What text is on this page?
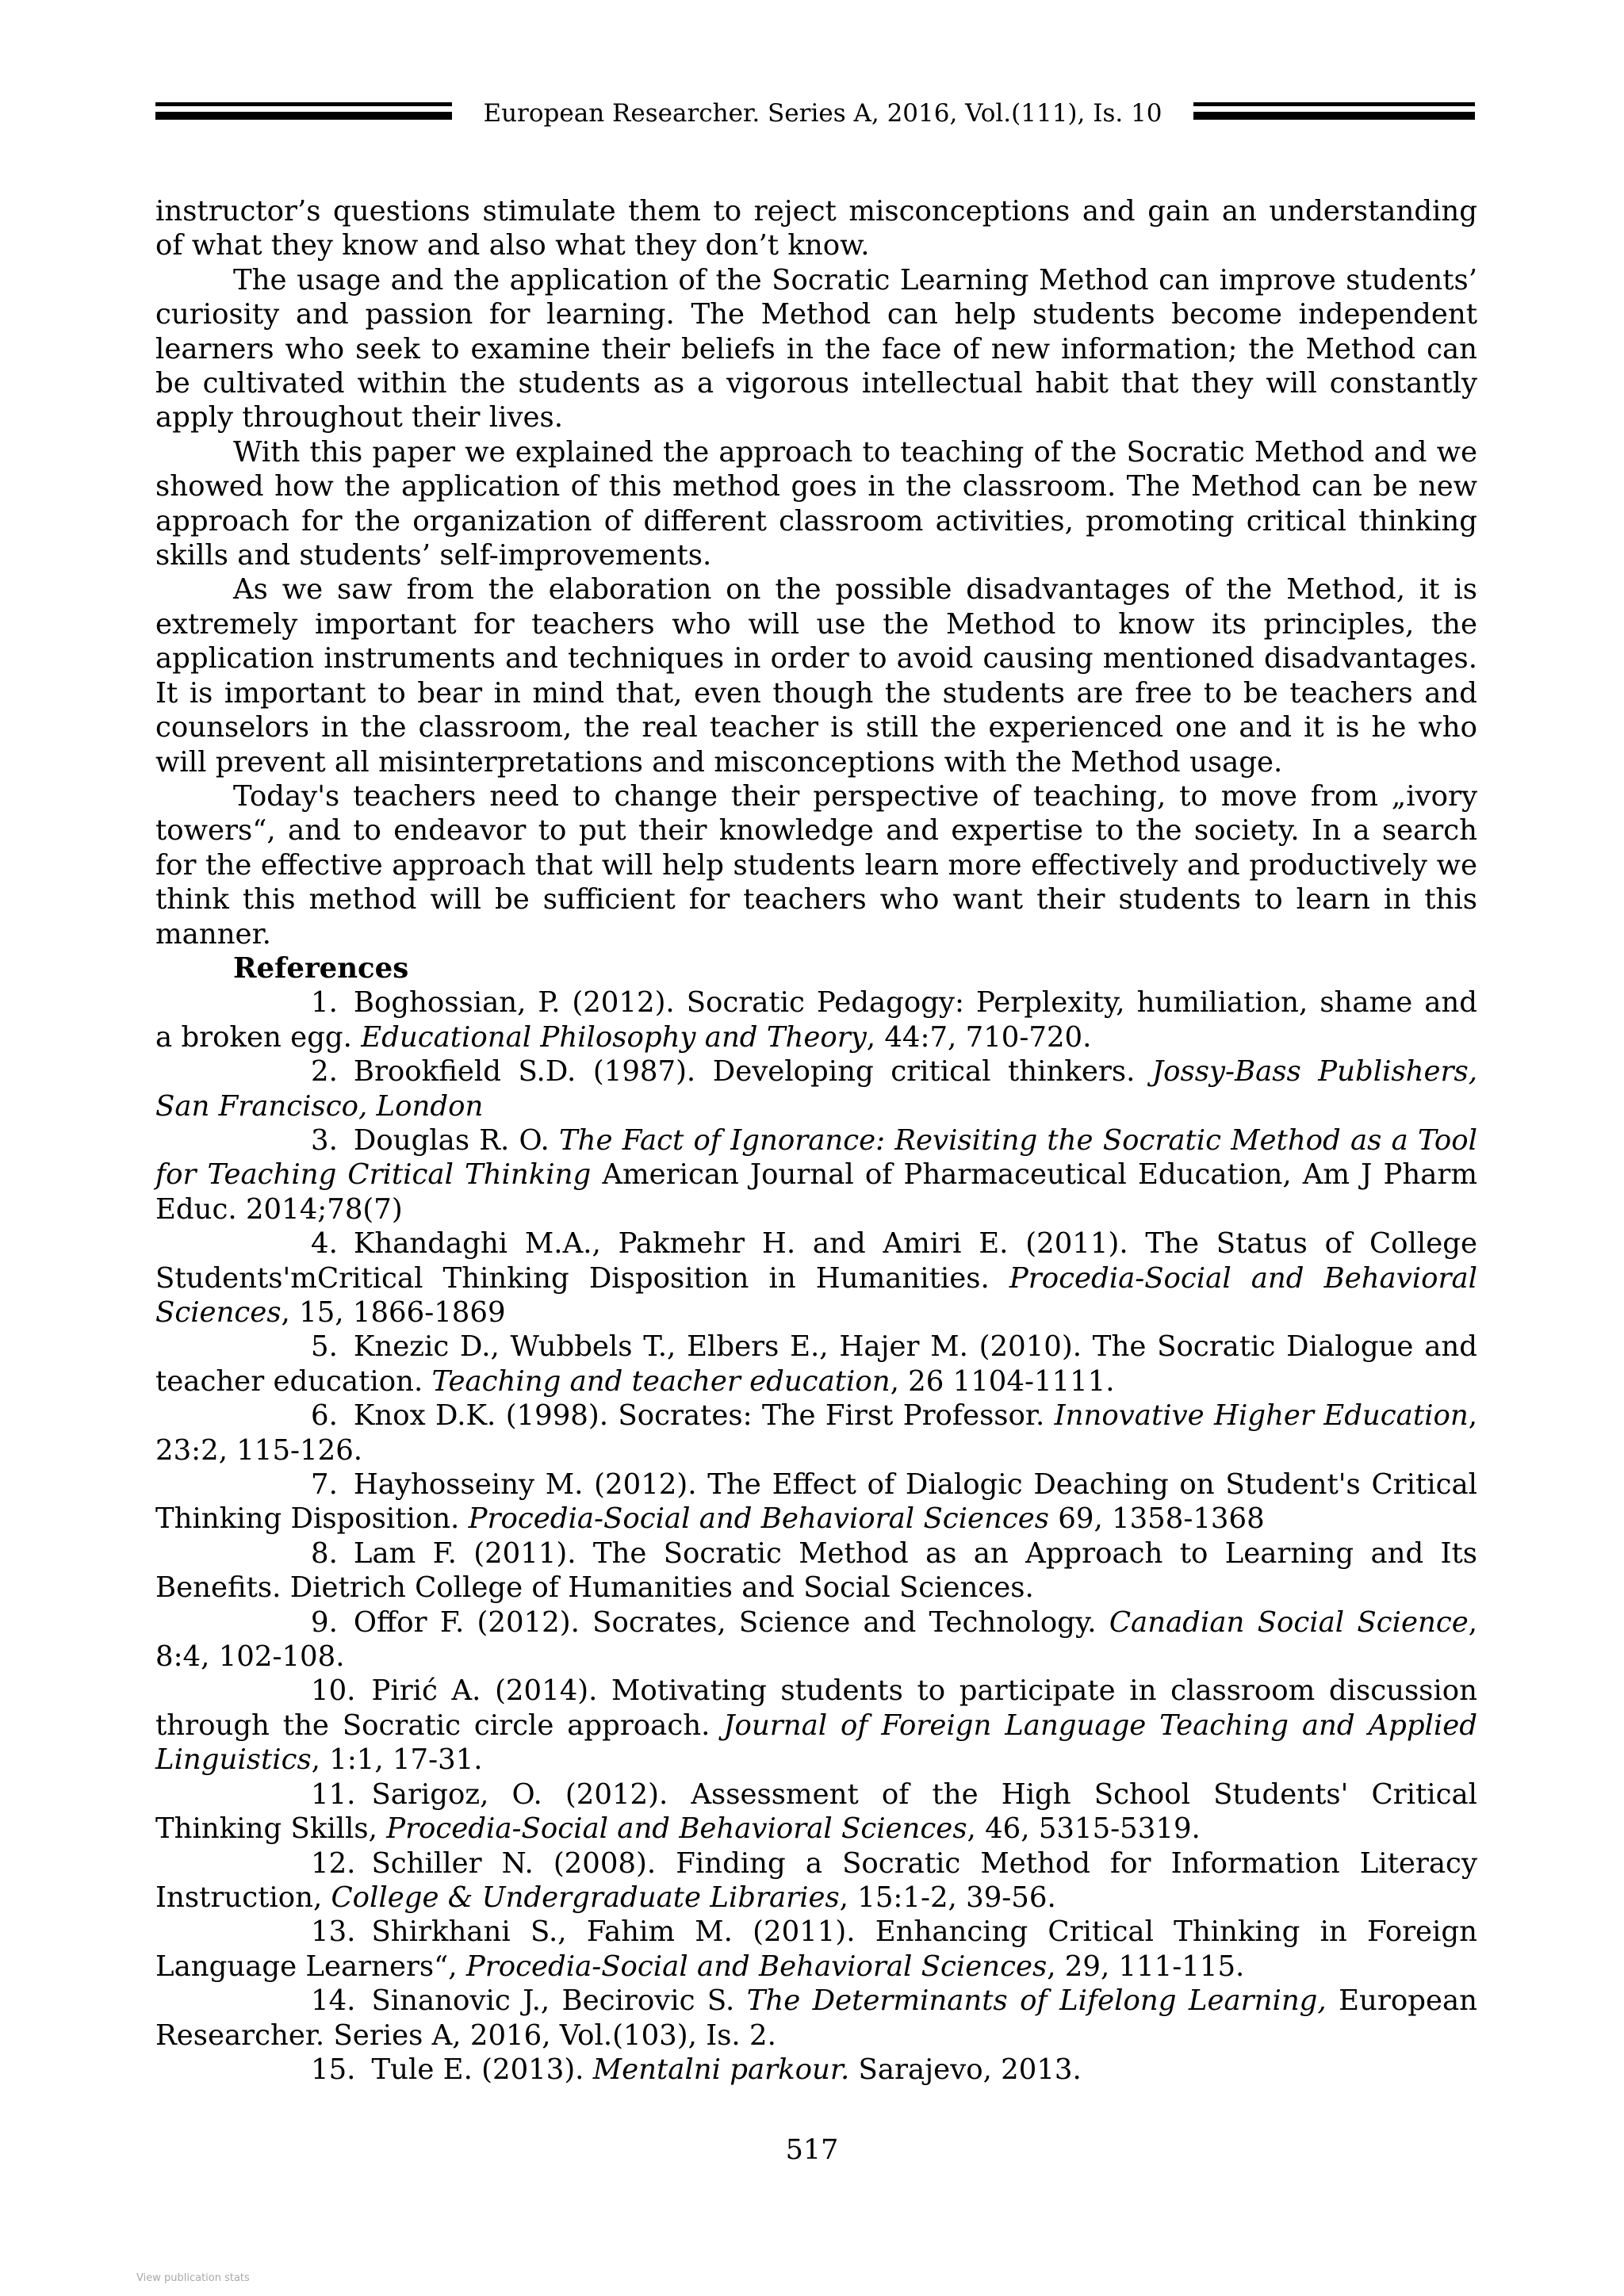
European Researcher. Series A, 2016, Vol.(111), Is. 10

instructor’s questions stimulate them to reject misconceptions and gain an understanding of what they know and also what they don’t know.

The usage and the application of the Socratic Learning Method can improve students’ curiosity and passion for learning. The Method can help students become independent learners who seek to examine their beliefs in the face of new information; the Method can be cultivated within the students as a vigorous intellectual habit that they will constantly apply throughout their lives.

With this paper we explained the approach to teaching of the Socratic Method and we showed how the application of this method goes in the classroom. The Method can be new approach for the organization of different classroom activities, promoting critical thinking skills and students’ self-improvements.

As we saw from the elaboration on the possible disadvantages of the Method, it is extremely important for teachers who will use the Method to know its principles, the application instruments and techniques in order to avoid causing mentioned disadvantages. It is important to bear in mind that, even though the students are free to be teachers and counselors in the classroom, the real teacher is still the experienced one and it is he who will prevent all misinterpretations and misconceptions with the Method usage.

Today's teachers need to change their perspective of teaching, to move from „ivory towers“, and to endeavor to put their knowledge and expertise to the society. In a search for the effective approach that will help students learn more effectively and productively we think this method will be sufficient for teachers who want their students to learn in this manner.

References

1. Boghossian, P. (2012). Socratic Pedagogy: Perplexity, humiliation, shame and a broken egg. Educational Philosophy and Theory, 44:7, 710-720.

2. Brookfield S.D. (1987). Developing critical thinkers. Jossy-Bass Publishers, San Francisco, London

3. Douglas R. O. The Fact of Ignorance: Revisiting the Socratic Method as a Tool for Teaching Critical Thinking American Journal of Pharmaceutical Education, Am J Pharm Educ. 2014;78(7)

4. Khandaghi M.A., Pakmehr H. and Amiri E. (2011). The Status of College Students'mCritical Thinking Disposition in Humanities. Procedia-Social and Behavioral Sciences, 15, 1866-1869

5. Knezic D., Wubbels T., Elbers E., Hajer M. (2010). The Socratic Dialogue and teacher education. Teaching and teacher education, 26 1104-1111.

6. Knox D.K. (1998). Socrates: The First Professor. Innovative Higher Education, 23:2, 115-126.

7. Hayhosseiny M. (2012). The Effect of Dialogic Deaching on Student's Critical Thinking Disposition. Procedia-Social and Behavioral Sciences 69, 1358-1368

8. Lam F. (2011). The Socratic Method as an Approach to Learning and Its Benefits. Dietrich College of Humanities and Social Sciences.

9. Offor F. (2012). Socrates, Science and Technology. Canadian Social Science, 8:4, 102-108.

10. Pirić A. (2014). Motivating students to participate in classroom discussion through the Socratic circle approach. Journal of Foreign Language Teaching and Applied Linguistics, 1:1, 17-31.

11. Sarigoz, O. (2012). Assessment of the High School Students' Critical Thinking Skills, Procedia-Social and Behavioral Sciences, 46, 5315-5319.

12. Schiller N. (2008). Finding a Socratic Method for Information Literacy Instruction, College & Undergraduate Libraries, 15:1-2, 39-56.

13. Shirkhani S., Fahim M. (2011). Enhancing Critical Thinking in Foreign Language Learners“, Procedia-Social and Behavioral Sciences, 29, 111-115.

14. Sinanovic J., Becirovic S. The Determinants of Lifelong Learning, European Researcher. Series A, 2016, Vol.(103), Is. 2.

15. Tule E. (2013). Mentalni parkour. Sarajevo, 2013.

517
View publication stats
